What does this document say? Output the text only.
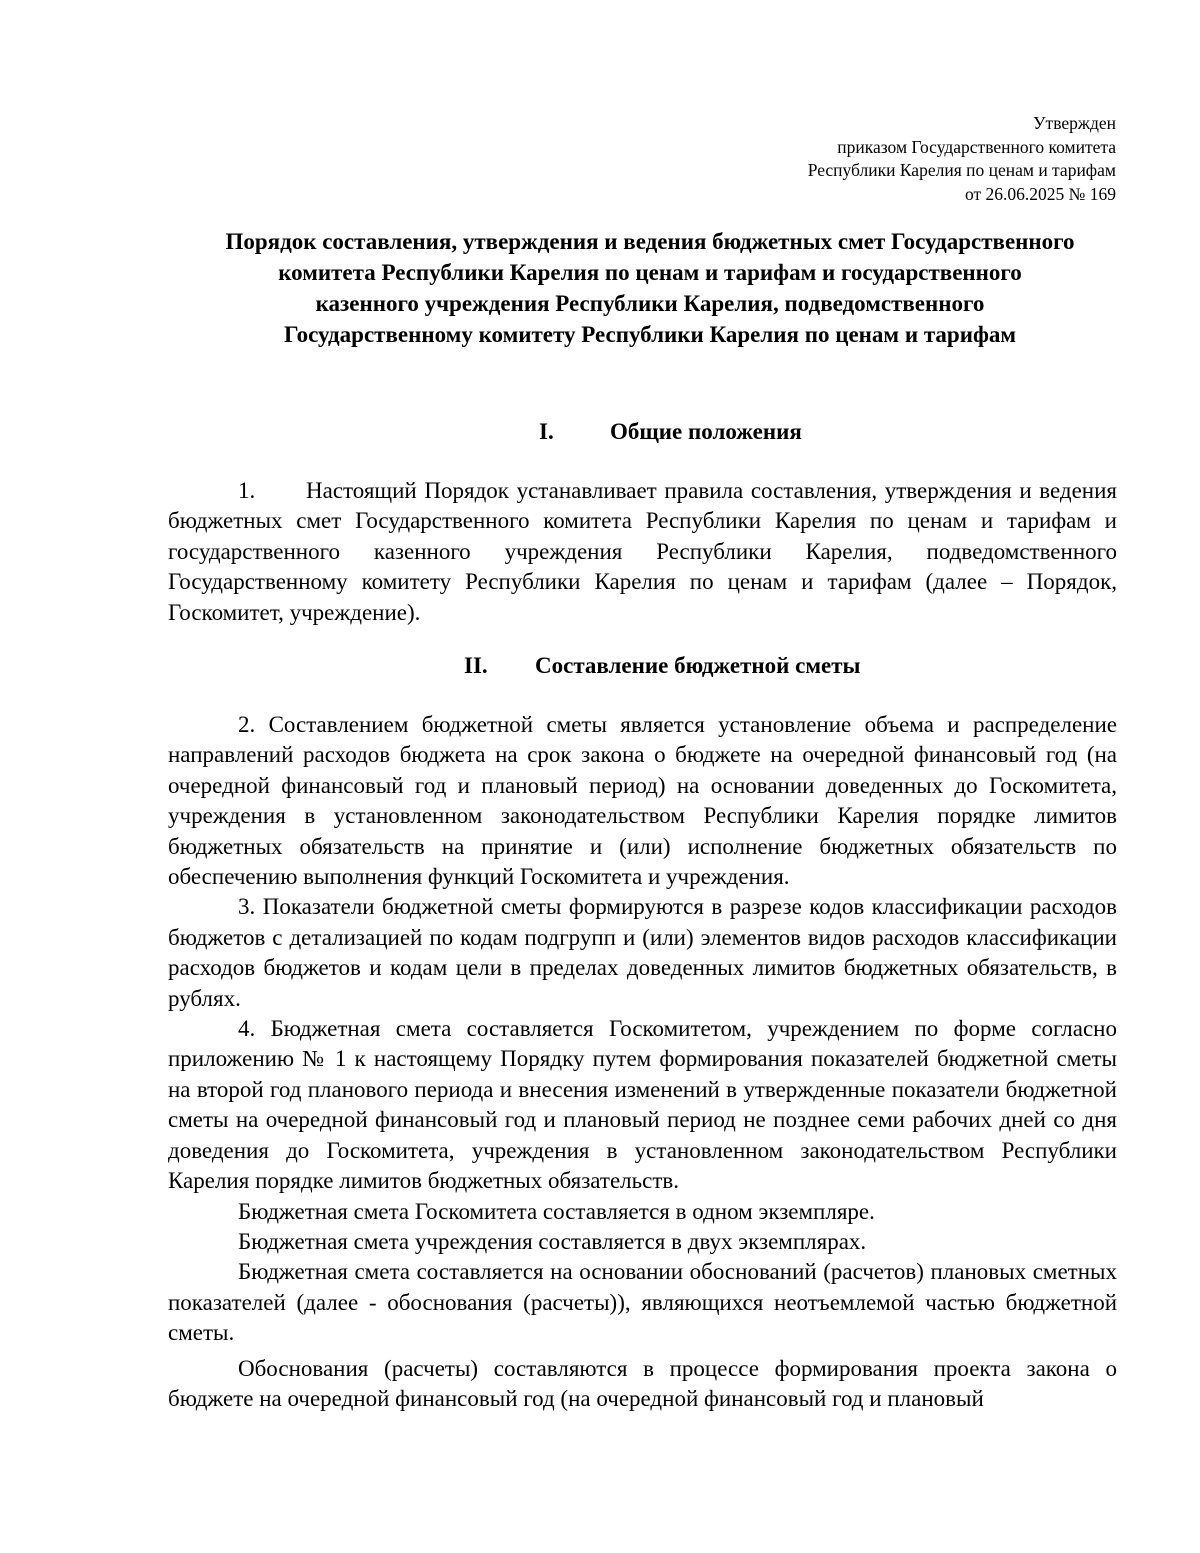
Утвержден
приказом Государственного комитета
Республики Карелия по ценам и тарифам
от 26.06.2025 № 169
Порядок составления, утверждения и ведения бюджетных смет Государственного
комитета Республики Карелия по ценам и тарифам и государственного
казенного учреждения Республики Карелия, подведомственного
Государственному комитету Республики Карелия по ценам и тарифам
I. Общие положения

1. Настоящий Порядок устанавливает правила составления, утверждения и ведения бюджетных смет Государственного комитета Республики Карелия по ценам и тарифам и государственного казенного учреждения Республики Карелия, подведомственного Государственному комитету Республики Карелия по ценам и тарифам (далее – Порядок, Госкомитет, учреждение).

II. Составление бюджетной сметы

2. Составлением бюджетной сметы является установление объема и распределение направлений расходов бюджета на срок закона о бюджете на очередной финансовый год (на очередной финансовый год и плановый период) на основании доведенных до Госкомитета, учреждения в установленном законодательством Республики Карелия порядке лимитов бюджетных обязательств на принятие и (или) исполнение бюджетных обязательств по обеспечению выполнения функций Госкомитета и учреждения.

3. Показатели бюджетной сметы формируются в разрезе кодов классификации расходов бюджетов с детализацией по кодам подгрупп и (или) элементов видов расходов классификации расходов бюджетов и кодам цели в пределах доведенных лимитов бюджетных обязательств, в рублях.

4. Бюджетная смета составляется Госкомитетом, учреждением по форме согласно приложению № 1 к настоящему Порядку путем формирования показателей бюджетной сметы на второй год планового периода и внесения изменений в утвержденные показатели бюджетной сметы на очередной финансовый год и плановый период не позднее семи рабочих дней со дня доведения до Госкомитета, учреждения в установленном законодательством Республики Карелия порядке лимитов бюджетных обязательств.

Бюджетная смета Госкомитета составляется в одном экземпляре.

Бюджетная смета учреждения составляется в двух экземплярах.

Бюджетная смета составляется на основании обоснований (расчетов) плановых сметных показателей (далее - обоснования (расчеты)), являющихся неотъемлемой частью бюджетной сметы.

Обоснования (расчеты) составляются в процессе формирования проекта закона о бюджете на очередной финансовый год (на очередной финансовый год и плановый
